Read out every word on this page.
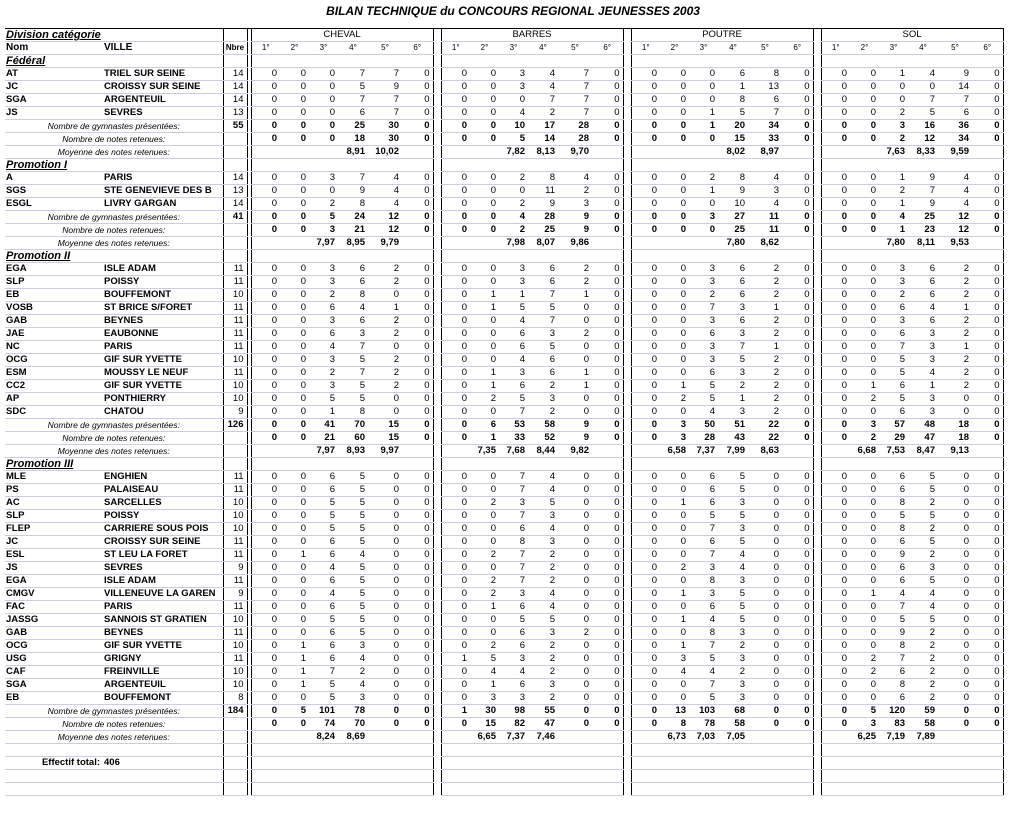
BILAN TECHNIQUE du CONCOURS REGIONAL JEUNESSES 2003
Division catégorie				CHEVAL							BARRES							POUTRE							SOL					
Nom	VILLE	Nbre		1°	2°	3°	4°	5°	6°		1°	2°	3°	4°	5°	6°		1°	2°	3°	4°	5°	6°		1°	2°	3°	4°	5°	6°
Fédéral																														
AT	TRIEL SUR SEINE	14		0	0	0	7	7	0		0	0	3	4	7	0		0	0	0	6	8	0		0	0	1	4	9	0
JC	CROISSY SUR SEINE	14		0	0	0	5	9	0		0	0	3	4	7	0		0	0	0	1	13	0		0	0	0	0	14	0
SGA	ARGENTEUIL	14		0	0	0	7	7	0		0	0	0	7	7	0		0	0	0	8	6	0		0	0	0	7	7	0
JS	SEVRES	13		0	0	0	6	7	0		0	0	4	2	7	0		0	0	1	5	7	0		0	0	2	5	6	0
Nombre de gymnastes présentées:		55		0	0	0	25	30	0		0	0	10	17	28	0		0	0	1	20	34	0		0	0	3	16	36	0
Nombre de notes retenues:				0	0	0	18	30	0		0	0	5	14	28	0		0	0	0	15	33	0		0	0	2	12	34	0
Moyenne des notes retenues:							8,91	10,02					7,82	8,13	9,70						8,02	8,97					7,63	8,33	9,59	
Promotion I																														
A	PARIS	14		0	0	3	7	4	0		0	0	2	8	4	0		0	0	2	8	4	0		0	0	1	9	4	0
SGS	STE GENEVIEVE DES B	13		0	0	0	9	4	0		0	0	0	11	2	0		0	0	1	9	3	0		0	0	2	7	4	0
ESGL	LIVRY GARGAN	14		0	0	2	8	4	0		0	0	2	9	3	0		0	0	0	10	4	0		0	0	1	9	4	0
Nombre de gymnastes présentées:		41		0	0	5	24	12	0		0	0	4	28	9	0		0	0	3	27	11	0		0	0	4	25	12	0
Nombre de notes retenues:				0	0	3	21	12	0		0	0	2	25	9	0		0	0	0	25	11	0		0	0	1	23	12	0
Moyenne des notes retenues:						7,97	8,95	9,79					7,98	8,07	9,86						7,80	8,62					7,80	8,11	9,53	
Promotion II																														
EGA	ISLE ADAM	11		0	0	3	6	2	0		0	0	3	6	2	0		0	0	3	6	2	0		0	0	3	6	2	0
SLP	POISSY	11		0	0	3	6	2	0		0	0	3	6	2	0		0	0	3	6	2	0		0	0	3	6	2	0
EB	BOUFFEMONT	10		0	0	2	8	0	0		0	1	1	7	1	0		0	0	2	6	2	0		0	0	2	6	2	0
VOSB	ST BRICE S/FORET	11		0	0	6	4	1	0		0	1	5	5	0	0		0	0	7	3	1	0		0	0	6	4	1	0
GAB	BEYNES	11		0	0	3	6	2	0		0	0	4	7	0	0		0	0	3	6	2	0		0	0	3	6	2	0
JAE	EAUBONNE	11		0	0	6	3	2	0		0	0	6	3	2	0		0	0	6	3	2	0		0	0	6	3	2	0
NC	PARIS	11		0	0	4	7	0	0		0	0	6	5	0	0		0	0	3	7	1	0		0	0	7	3	1	0
OCG	GIF SUR YVETTE	10		0	0	3	5	2	0		0	0	4	6	0	0		0	0	3	5	2	0		0	0	5	3	2	0
ESM	MOUSSY LE NEUF	11		0	0	2	7	2	0		0	1	3	6	1	0		0	0	6	3	2	0		0	0	5	4	2	0
CC2	GIF SUR YVETTE	10		0	0	3	5	2	0		0	1	6	2	1	0		0	1	5	2	2	0		0	1	6	1	2	0
AP	PONTHIERRY	10		0	0	5	5	0	0		0	2	5	3	0	0		0	2	5	1	2	0		0	2	5	3	0	0
SDC	CHATOU	9		0	0	1	8	0	0		0	0	7	2	0	0		0	0	4	3	2	0		0	0	6	3	0	0
Nombre de gymnastes présentées:		126		0	0	41	70	15	0		0	6	53	58	9	0		0	3	50	51	22	0		0	3	57	48	18	0
Nombre de notes retenues:				0	0	21	60	15	0		0	1	33	52	9	0		0	3	28	43	22	0		0	2	29	47	18	0
Moyenne des notes retenues:						7,97	8,93	9,97				7,35	7,68	8,44	9,82				6,58	7,37	7,99	8,63				6,68	7,53	8,47	9,13	
Promotion III																														
MLE	ENGHIEN	11		0	0	6	5	0	0		0	0	7	4	0	0		0	0	6	5	0	0		0	0	6	5	0	0
PS	PALAISEAU	11		0	0	6	5	0	0		0	0	7	4	0	0		0	0	6	5	0	0		0	0	6	5	0	0
AC	SARCELLES	10		0	0	5	5	0	0		0	2	3	5	0	0		0	1	6	3	0	0		0	0	8	2	0	0
SLP	POISSY	10		0	0	5	5	0	0		0	0	7	3	0	0		0	0	5	5	0	0		0	0	5	5	0	0
FLEP	CARRIERE SOUS POIS	10		0	0	5	5	0	0		0	0	6	4	0	0		0	0	7	3	0	0		0	0	8	2	0	0
JC	CROISSY SUR SEINE	11		0	0	6	5	0	0		0	0	8	3	0	0		0	0	6	5	0	0		0	0	6	5	0	0
ESL	ST LEU LA FORET	11		0	1	6	4	0	0		0	2	7	2	0	0		0	0	7	4	0	0		0	0	9	2	0	0
JS	SEVRES	9		0	0	4	5	0	0		0	0	7	2	0	0		0	2	3	4	0	0		0	0	6	3	0	0
EGA	ISLE ADAM	11		0	0	6	5	0	0		0	2	7	2	0	0		0	0	8	3	0	0		0	0	6	5	0	0
CMGV	VILLENEUVE LA GAREN	9		0	0	4	5	0	0		0	2	3	4	0	0		0	1	3	5	0	0		0	1	4	4	0	0
FAC	PARIS	11		0	0	6	5	0	0		0	1	6	4	0	0		0	0	6	5	0	0		0	0	7	4	0	0
JASSG	SANNOIS ST GRATIEN	10		0	0	5	5	0	0		0	0	5	5	0	0		0	1	4	5	0	0		0	0	5	5	0	0
GAB	BEYNES	11		0	0	6	5	0	0		0	0	6	3	2	0		0	0	8	3	0	0		0	0	9	2	0	0
OCG	GIF SUR YVETTE	10		0	1	6	3	0	0		0	2	6	2	0	0		0	1	7	2	0	0		0	0	8	2	0	0
USG	GRIGNY	11		0	1	6	4	0	0		1	5	3	2	0	0		0	3	5	3	0	0		0	2	7	2	0	0
CAF	FREINVILLE	10		0	1	7	2	0	0		0	4	4	2	0	0		0	4	4	2	0	0		0	2	6	2	0	0
SGA	ARGENTEUIL	10		0	1	5	4	0	0		0	1	6	3	0	0		0	0	7	3	0	0		0	0	8	2	0	0
EB	BOUFFEMONT	8		0	0	5	3	0	0		0	3	3	2	0	0		0	0	5	3	0	0		0	0	6	2	0	0
Nombre de gymnastes présentées:		184		0	5	101	78	0	0		1	30	98	55	0	0		0	13	103	68	0	0		0	5	120	59	0	0
Nombre de notes retenues:				0	0	74	70	0	0		0	15	82	47	0	0		0	8	78	58	0	0		0	3	83	58	0	0
Moyenne des notes retenues:						8,24	8,69					6,65	7,37	7,46					6,73	7,03	7,05					6,25	7,19	7,89		

Effectif total:	406																													
